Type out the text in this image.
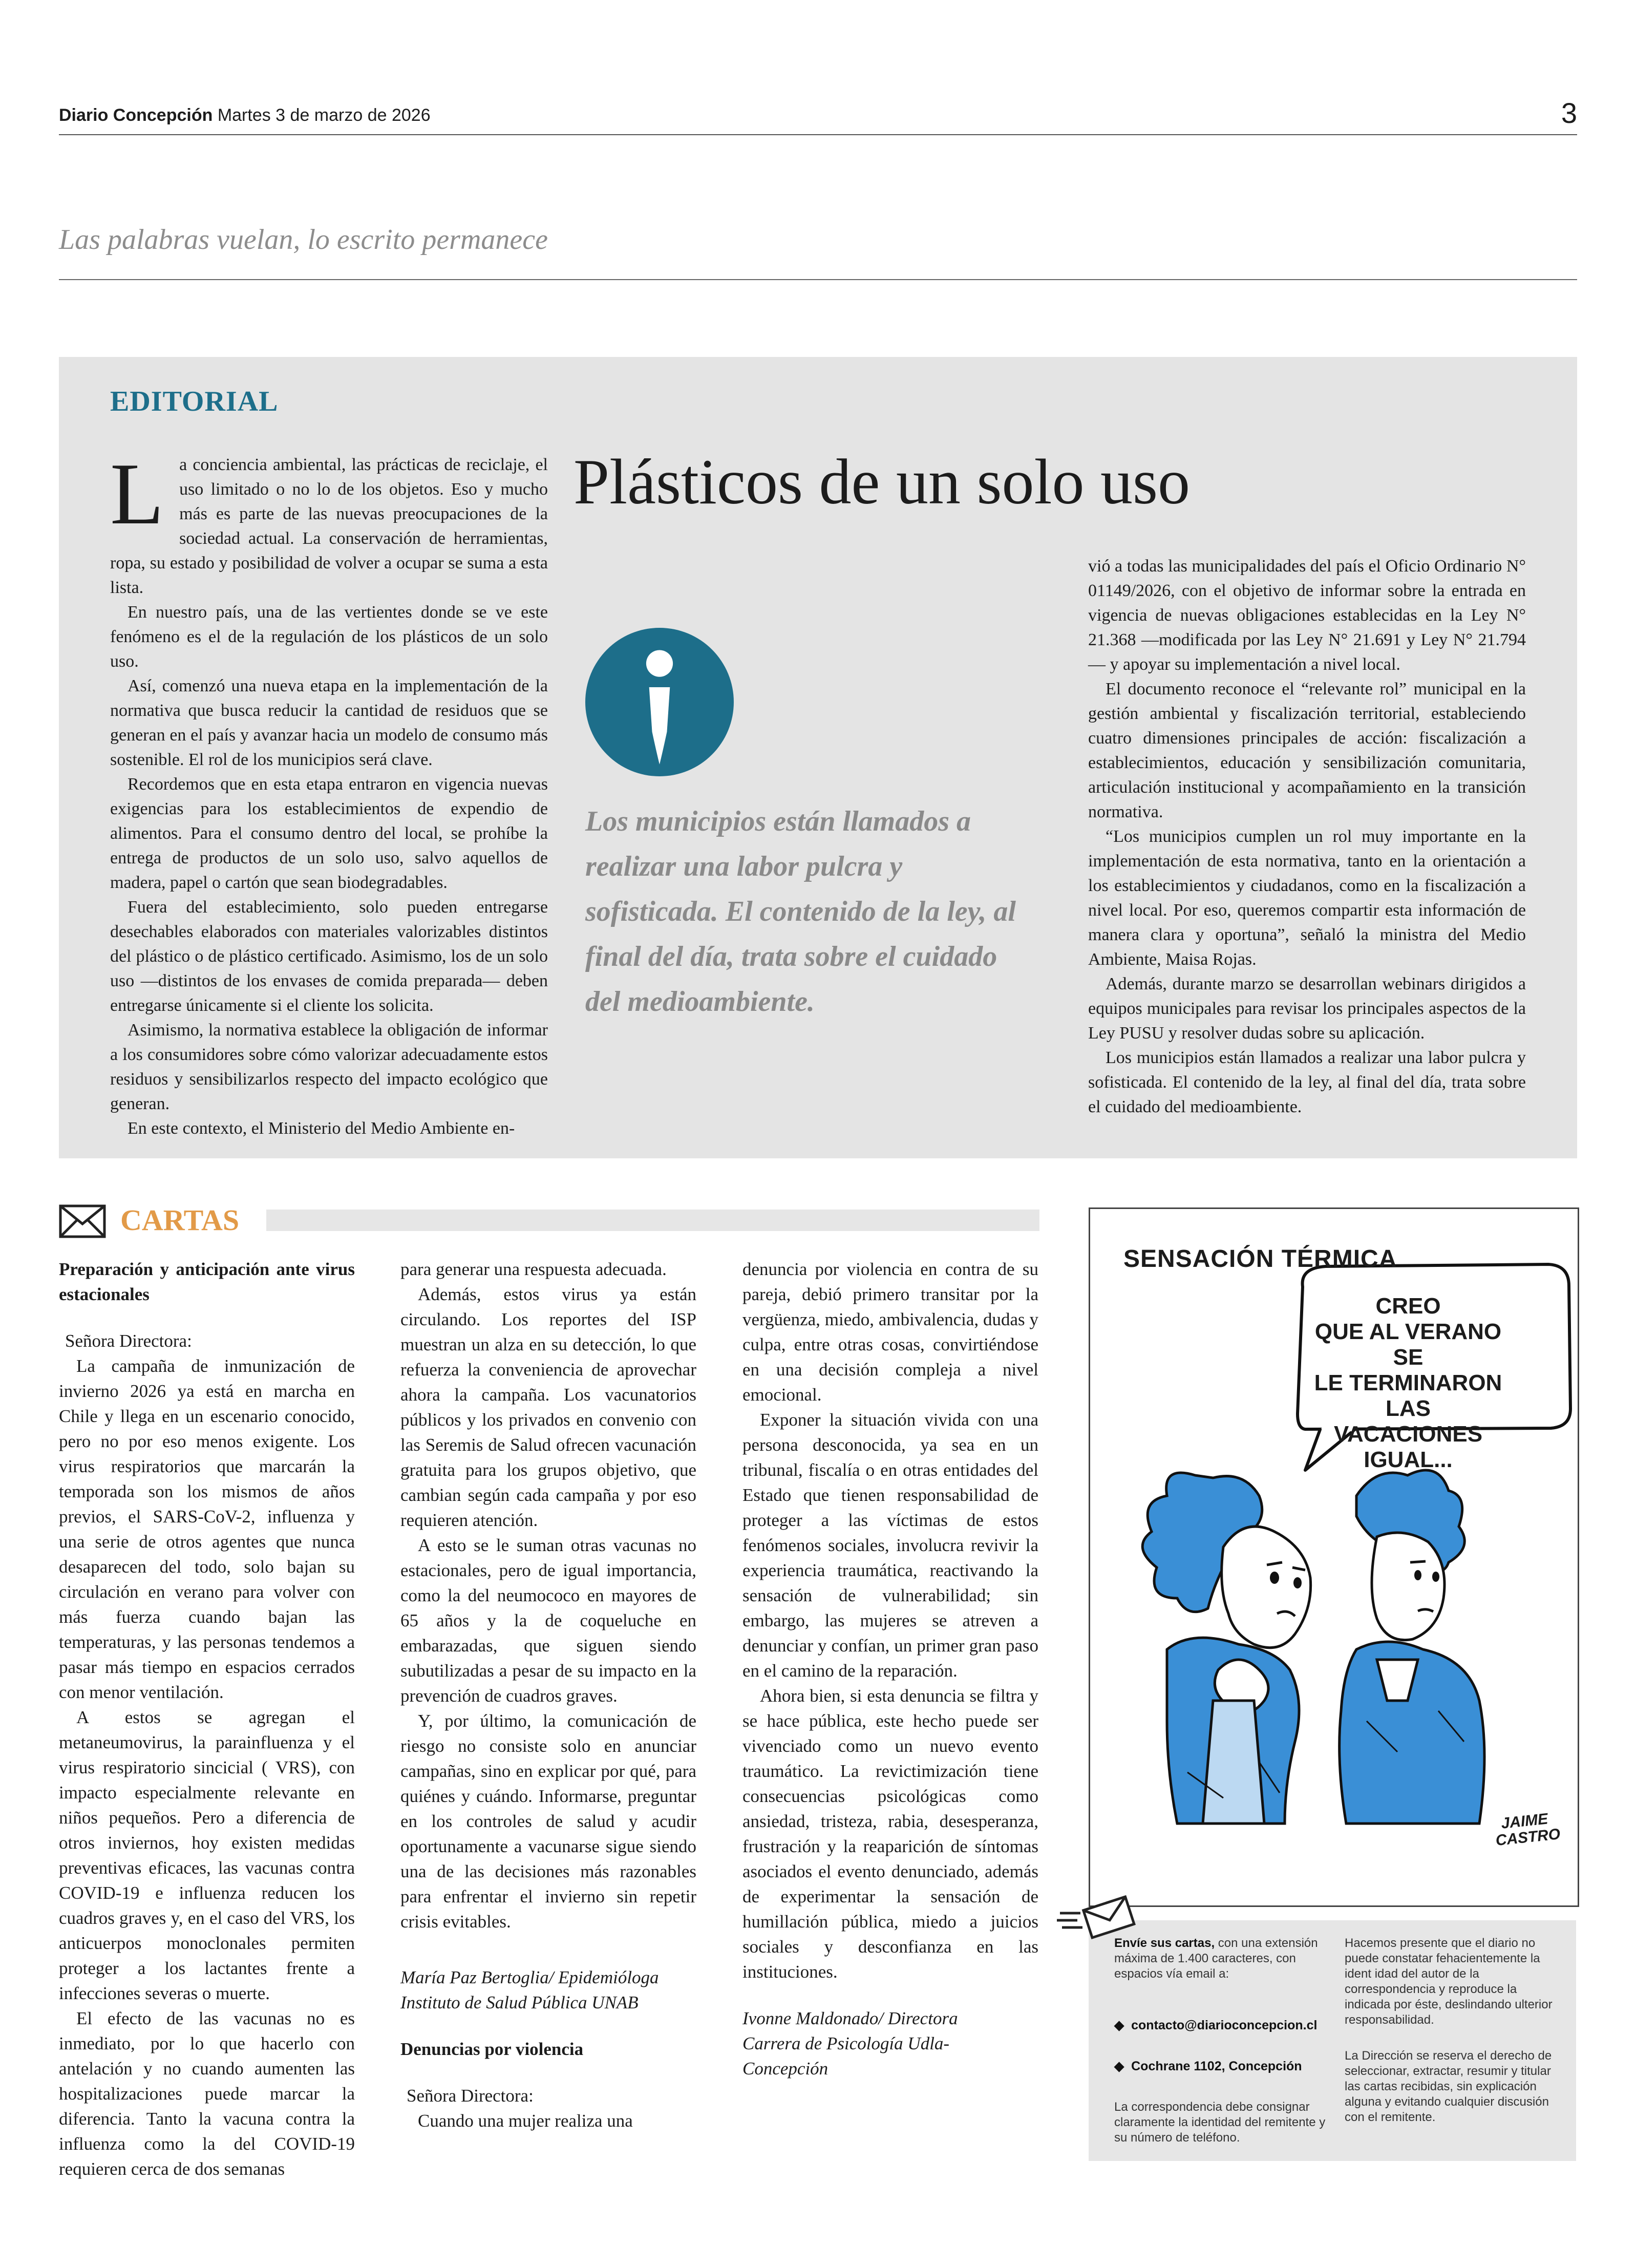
Diario Concepción Martes 3 de marzo de 2026	3
Las palabras vuelan, lo escrito permanece
EDITORIAL
Plásticos de un solo uso

La conciencia ambiental, las prácticas de reciclaje, el uso limitado o no lo de los objetos. Eso y mucho más es parte de las nuevas preocupaciones de la sociedad actual. La conservación de herramientas, ropa, su estado y posibilidad de volver a ocupar se suma a esta lista.

En nuestro país, una de las vertientes donde se ve este fenómeno es el de la regulación de los plásticos de un solo uso.

Así, comenzó una nueva etapa en la implementación de la normativa que busca reducir la cantidad de residuos que se generan en el país y avanzar hacia un modelo de consumo más sostenible. El rol de los municipios será clave.

Recordemos que en esta etapa entraron en vigencia nuevas exigencias para los establecimientos de expendio de alimentos. Para el consumo dentro del local, se prohíbe la entrega de productos de un solo uso, salvo aquellos de madera, papel o cartón que sean biodegradables.

Fuera del establecimiento, solo pueden entregarse desechables elaborados con materiales valorizables distintos del plástico o de plástico certificado. Asimismo, los de un solo uso —distintos de los envases de comida preparada— deben entregarse únicamente si el cliente los solicita.

Asimismo, la normativa establece la obligación de informar a los consumidores sobre cómo valorizar adecuadamente estos residuos y sensibilizarlos respecto del impacto ecológico que generan.

En este contexto, el Ministerio del Medio Ambiente en-

Los municipios están llamados a realizar una labor pulcra y sofisticada. El contenido de la ley, al final del día, trata sobre el cuidado del medioambiente.

vió a todas las municipalidades del país el Oficio Ordinario N° 01149/2026, con el objetivo de informar sobre la entrada en vigencia de nuevas obligaciones establecidas en la Ley N° 21.368 —modificada por las Ley N° 21.691 y Ley N° 21.794— y apoyar su implementación a nivel local.

El documento reconoce el “relevante rol” municipal en la gestión ambiental y fiscalización territorial, estableciendo cuatro dimensiones principales de acción: fiscalización a establecimientos, educación y sensibilización comunitaria, articulación institucional y acompañamiento en la transición normativa.

“Los municipios cumplen un rol muy importante en la implementación de esta normativa, tanto en la orientación a los establecimientos y ciudadanos, como en la fiscalización a nivel local. Por eso, queremos compartir esta información de manera clara y oportuna”, señaló la ministra del Medio Ambiente, Maisa Rojas.

Además, durante marzo se desarrollan webinars dirigidos a equipos municipales para revisar los principales aspectos de la Ley PUSU y resolver dudas sobre su aplicación.

Los municipios están llamados a realizar una labor pulcra y sofisticada. El contenido de la ley, al final del día, trata sobre el cuidado del medioambiente.

CARTAS

Preparación y anticipación ante virus estacionales

Señora Directora:

La campaña de inmunización de invierno 2026 ya está en marcha en Chile y llega en un escenario conocido, pero no por eso menos exigente. Los virus respiratorios que marcarán la temporada son los mismos de años previos, el SARS-CoV-2, influenza y una serie de otros agentes que nunca desaparecen del todo, solo bajan su circulación en verano para volver con más fuerza cuando bajan las temperaturas, y las personas tendemos a pasar más tiempo en espacios cerrados con menor ventilación.

A estos se agregan el metaneumovirus, la parainfluenza y el virus respiratorio sincicial ( VRS), con impacto especialmente relevante en niños pequeños. Pero a diferencia de otros inviernos, hoy existen medidas preventivas eficaces, las vacunas contra COVID-19 e influenza reducen los cuadros graves y, en el caso del VRS, los anticuerpos monoclonales permiten proteger a los lactantes frente a infecciones severas o muerte.

El efecto de las vacunas no es inmediato, por lo que hacerlo con antelación y no cuando aumenten las hospitalizaciones puede marcar la diferencia. Tanto la vacuna contra la influenza como la del COVID-19 requieren cerca de dos semanas

para generar una respuesta adecuada.

Además, estos virus ya están circulando. Los reportes del ISP muestran un alza en su detección, lo que refuerza la conveniencia de aprovechar ahora la campaña. Los vacunatorios públicos y los privados en convenio con las Seremis de Salud ofrecen vacunación gratuita para los grupos objetivo, que cambian según cada campaña y por eso requieren atención.

A esto se le suman otras vacunas no estacionales, pero de igual importancia, como la del neumococo en mayores de 65 años y la de coqueluche en embarazadas, que siguen siendo subutilizadas a pesar de su impacto en la prevención de cuadros graves.

Y, por último, la comunicación de riesgo no consiste solo en anunciar campañas, sino en explicar por qué, para quiénes y cuándo. Informarse, preguntar en los controles de salud y acudir oportunamente a vacunarse sigue siendo una de las decisiones más razonables para enfrentar el invierno sin repetir crisis evitables.

María Paz Bertoglia/ Epidemióloga

Instituto de Salud Pública UNAB

Denuncias por violencia

Señora Directora:

Cuando una mujer realiza una

denuncia por violencia en contra de su pareja, debió primero transitar por la vergüenza, miedo, ambivalencia, dudas y culpa, entre otras cosas, convirtiéndose en una decisión compleja a nivel emocional.

Exponer la situación vivida con una persona desconocida, ya sea en un tribunal, fiscalía o en otras entidades del Estado que tienen responsabilidad de proteger a las víctimas de estos fenómenos sociales, involucra revivir la experiencia traumática, reactivando la sensación de vulnerabilidad; sin embargo, las mujeres se atreven a denunciar y confían, un primer gran paso en el camino de la reparación.

Ahora bien, si esta denuncia se filtra y se hace pública, este hecho puede ser vivenciado como un nuevo evento traumático. La revictimización tiene consecuencias psicológicas como ansiedad, tristeza, rabia, desesperanza, frustración y la reaparición de síntomas asociados el evento denunciado, además de experimentar la sensación de humillación pública, miedo a juicios sociales y desconfianza en las instituciones.

Ivonne Maldonado/ Directora

Carrera de Psicología Udla-

Concepción

JAIME CASTRO
SENSACIÓN TÉRMICA
CREO
QUE AL VERANO SE
LE TERMINARON LAS
VACACIONES
IGUAL...
Envíe sus cartas, con una extensión máxima de 1.400 caracteres, con espacios vía email a:
◆  contacto@diarioconcepcion.cl
◆  Cochrane 1102, Concepción
La correspondencia debe consignar claramente la identidad del remitente y su número de teléfono.
Hacemos presente que el diario no puede constatar fehacientemente la ident idad del autor de la correspondencia y reproduce la indicada por éste, deslindando ulterior responsabilidad.
La Dirección se reserva el derecho de seleccionar, extractar, resumir y titular las cartas recibidas, sin explicación alguna y evitando cualquier discusión con el remitente.
